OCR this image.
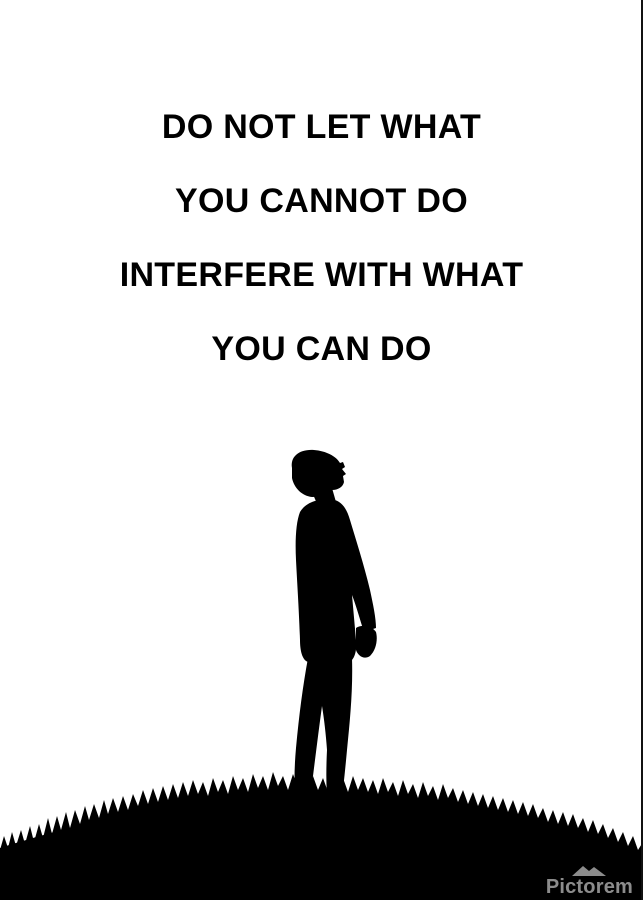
DO NOT LET WHAT
YOU CANNOT DO
INTERFERE WITH WHAT
YOU CAN DO
Pictorem
